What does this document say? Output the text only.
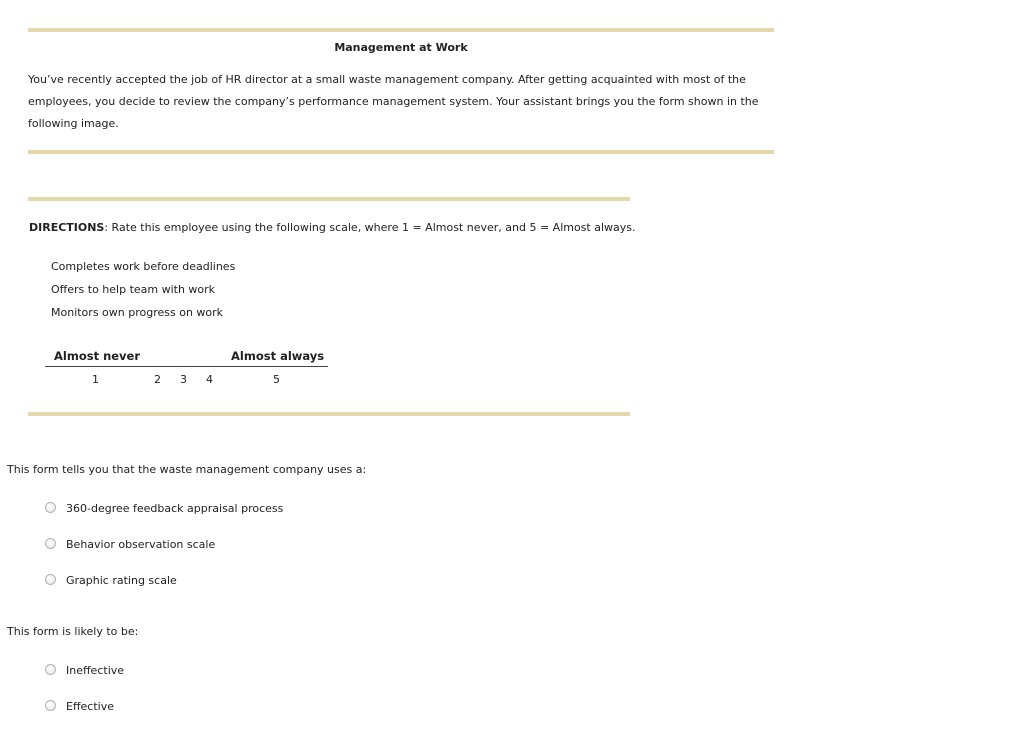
Management at Work
You’ve recently accepted the job of HR director at a small waste management company. After getting acquainted with most of the employees, you decide to review the company’s performance management system. Your assistant brings you the form shown in the following image.
DIRECTIONS: Rate this employee using the following scale, where 1 = Almost never, and 5 = Almost always.
Completes work before deadlines
Offers to help team with work
Monitors own progress on work
Almost never	Almost always
1	2 3 4	5
This form tells you that the waste management company uses a:
360-degree feedback appraisal process
Behavior observation scale
Graphic rating scale
This form is likely to be:
Ineffective
Effective
